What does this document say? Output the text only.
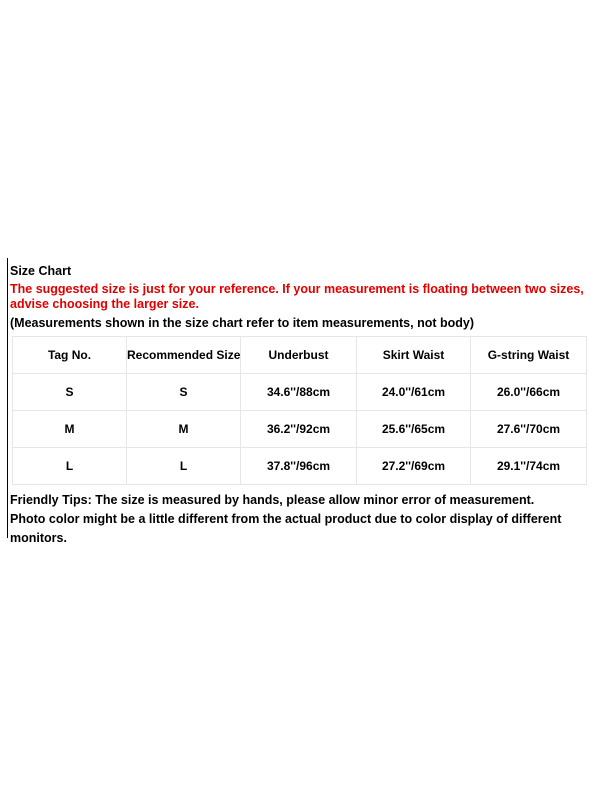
Size Chart
The suggested size is just for your reference. If your measurement is floating between two sizes, advise choosing the larger size.
(Measurements shown in the size chart refer to item measurements, not body)
Tag No.	Recommended Size	Underbust	Skirt Waist	G-string Waist
S	S	34.6''/88cm	24.0''/61cm	26.0''/66cm
M	M	36.2''/92cm	25.6''/65cm	27.6''/70cm
L	L	37.8''/96cm	27.2''/69cm	29.1''/74cm
Friendly Tips: The size is measured by hands, please allow minor error of measurement.
Photo color might be a little different from the actual product due to color display of different monitors.
